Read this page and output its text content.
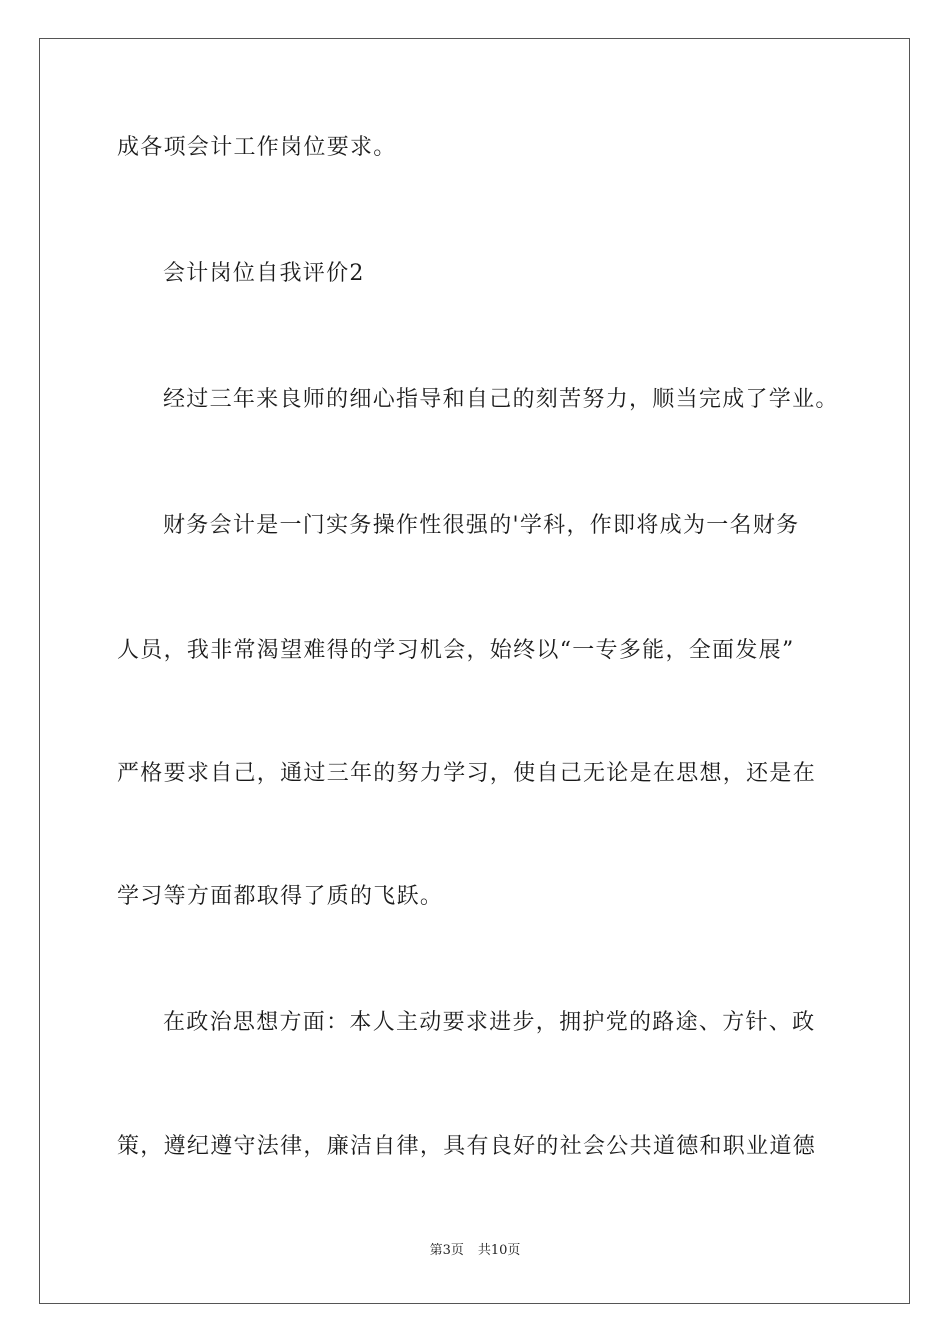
成各项会计工作岗位要求。
会计岗位自我评价2
经过三年来良师的细心指导和自己的刻苦努力，顺当完成了学业。
财务会计是一门实务操作性很强的'学科，作即将成为一名财务
人员，我非常渴望难得的学习机会，始终以“一专多能，全面发展”
严格要求自己，通过三年的努力学习，使自己无论是在思想，还是在
学习等方面都取得了质的飞跃。
在政治思想方面：本人主动要求进步，拥护党的路途、方针、政
策，遵纪遵守法律，廉洁自律，具有良好的社会公共道德和职业道德
第3页 共10页
